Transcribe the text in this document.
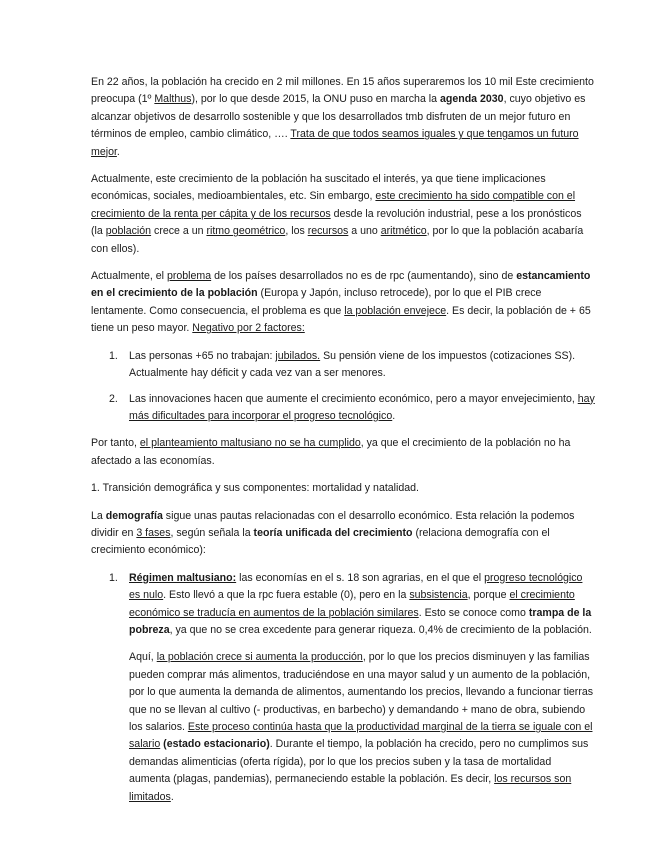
En 22 años, la población ha crecido en 2 mil millones. En 15 años superaremos los 10 mil Este crecimiento preocupa (1º Malthus), por lo que desde 2015, la ONU puso en marcha la agenda 2030, cuyo objetivo es alcanzar objetivos de desarrollo sostenible y que los desarrollados tmb disfruten de un mejor futuro en términos de empleo, cambio climático, …. Trata de que todos seamos iguales y que tengamos un futuro mejor.

Actualmente, este crecimiento de la población ha suscitado el interés, ya que tiene implicaciones económicas, sociales, medioambientales, etc. Sin embargo, este crecimiento ha sido compatible con el crecimiento de la renta per cápita y de los recursos desde la revolución industrial, pese a los pronósticos (la población crece a un ritmo geométrico, los recursos a uno aritmético, por lo que la población acabaría con ellos).

Actualmente, el problema de los países desarrollados no es de rpc (aumentando), sino de estancamiento en el crecimiento de la población (Europa y Japón, incluso retrocede), por lo que el PIB crece lentamente. Como consecuencia, el problema es que la población envejece. Es decir, la población de + 65 tiene un peso mayor. Negativo por 2 factores:

1. Las personas +65 no trabajan: jubilados. Su pensión viene de los impuestos (cotizaciones SS). Actualmente hay déficit y cada vez van a ser menores.
2. Las innovaciones hacen que aumente el crecimiento económico, pero a mayor envejecimiento, hay más dificultades para incorporar el progreso tecnológico.

Por tanto, el planteamiento maltusiano no se ha cumplido, ya que el crecimiento de la población no ha afectado a las economías.

1. Transición demográfica y sus componentes: mortalidad y natalidad.

La demografía sigue unas pautas relacionadas con el desarrollo económico. Esta relación la podemos dividir en 3 fases, según señala la teoría unificada del crecimiento (relaciona demografía con el crecimiento económico):

1. Régimen maltusiano: las economías en el s. 18 son agrarias, en el que el progreso tecnológico es nulo. Esto llevó a que la rpc fuera estable (0), pero en la subsistencia, porque el crecimiento económico se traducía en aumentos de la población similares. Esto se conoce como trampa de la pobreza, ya que no se crea excedente para generar riqueza. 0,4% de crecimiento de la población.

Aquí, la población crece si aumenta la producción, por lo que los precios disminuyen y las familias pueden comprar más alimentos, traduciéndose en una mayor salud y un aumento de la población, por lo que aumenta la demanda de alimentos, aumentando los precios, llevando a funcionar tierras que no se llevan al cultivo (- productivas, en barbecho) y demandando + mano de obra, subiendo los salarios. Este proceso continúa hasta que la productividad marginal de la tierra se iguale con el salario (estado estacionario). Durante el tiempo, la población ha crecido, pero no cumplimos sus demandas alimenticias (oferta rígida), por lo que los precios suben y la tasa de mortalidad aumenta (plagas, pandemias), permaneciendo estable la población. Es decir, los recursos son limitados.
